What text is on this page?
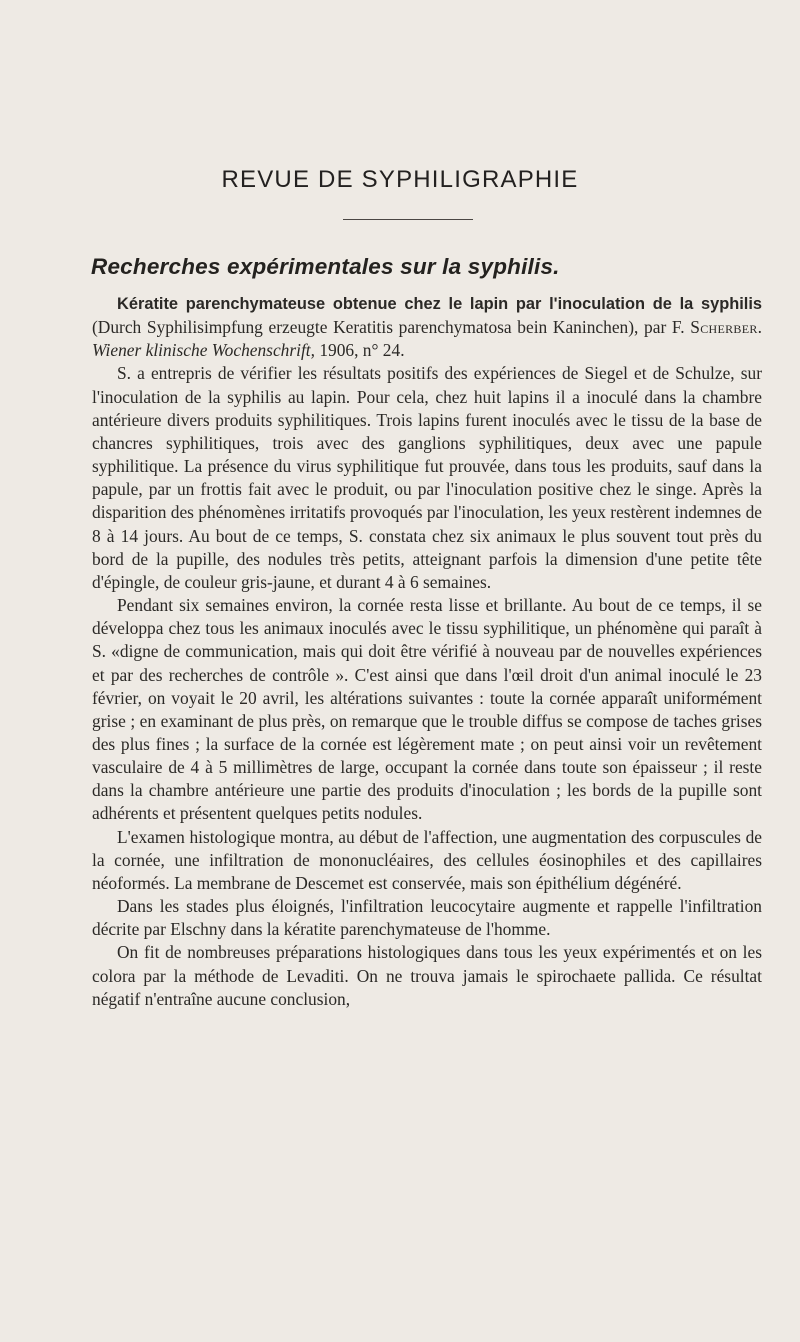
REVUE DE SYPHILIGRAPHIE
Recherches expérimentales sur la syphilis.

Kératite parenchymateuse obtenue chez le lapin par l'inoculation de la syphilis (Durch Syphilisimpfung erzeugte Keratitis parenchymatosa bein Kaninchen), par F. Scherber. Wiener klinische Wochenschrift, 1906, n° 24.

S. a entrepris de vérifier les résultats positifs des expériences de Siegel et de Schulze, sur l'inoculation de la syphilis au lapin. Pour cela, chez huit lapins il a inoculé dans la chambre antérieure divers produits syphilitiques. Trois lapins furent inoculés avec le tissu de la base de chancres syphilitiques, trois avec des ganglions syphilitiques, deux avec une papule syphilitique. La présence du virus syphilitique fut prouvée, dans tous les produits, sauf dans la papule, par un frottis fait avec le produit, ou par l'inoculation positive chez le singe. Après la disparition des phénomènes irritatifs provoqués par l'inoculation, les yeux restèrent indemnes de 8 à 14 jours. Au bout de ce temps, S. constata chez six animaux le plus souvent tout près du bord de la pupille, des nodules très petits, atteignant parfois la dimension d'une petite tête d'épingle, de couleur gris-jaune, et durant 4 à 6 semaines.

Pendant six semaines environ, la cornée resta lisse et brillante. Au bout de ce temps, il se développa chez tous les animaux inoculés avec le tissu syphilitique, un phénomène qui paraît à S. «digne de communication, mais qui doit être vérifié à nouveau par de nouvelles expériences et par des recherches de contrôle ». C'est ainsi que dans l'œil droit d'un animal inoculé le 23 février, on voyait le 20 avril, les altérations suivantes : toute la cornée apparaît uniformément grise ; en examinant de plus près, on remarque que le trouble diffus se compose de taches grises des plus fines ; la surface de la cornée est légèrement mate ; on peut ainsi voir un revêtement vasculaire de 4 à 5 millimètres de large, occupant la cornée dans toute son épaisseur ; il reste dans la chambre antérieure une partie des produits d'inoculation ; les bords de la pupille sont adhérents et présentent quelques petits nodules.

L'examen histologique montra, au début de l'affection, une augmentation des corpuscules de la cornée, une infiltration de mononucléaires, des cellules éosinophiles et des capillaires néoformés. La membrane de Descemet est conservée, mais son épithélium dégénéré.

Dans les stades plus éloignés, l'infiltration leucocytaire augmente et rappelle l'infiltration décrite par Elschny dans la kératite parenchymateuse de l'homme.

On fit de nombreuses préparations histologiques dans tous les yeux expérimentés et on les colora par la méthode de Levaditi. On ne trouva jamais le spirochaete pallida. Ce résultat négatif n'entraîne aucune conclusion,
